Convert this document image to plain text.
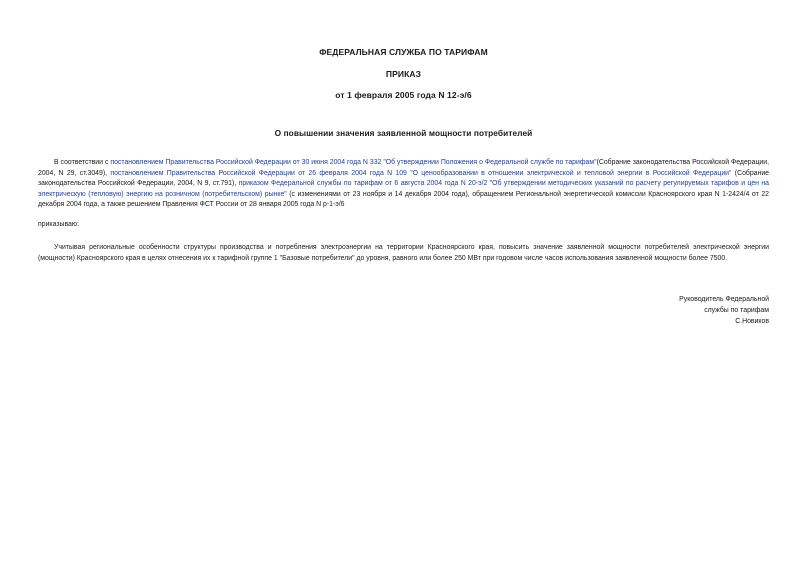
ФЕДЕРАЛЬНАЯ СЛУЖБА ПО ТАРИФАМ
ПРИКАЗ
от 1 февраля 2005 года N 12-э/6
О повышении значения заявленной мощности потребителей
В соответствии с постановлением Правительства Российской Федерации от 30 июня 2004 года N 332 "Об утверждении Положения о Федеральной службе по тарифам"(Собрание законодательства Российской Федерации, 2004, N 29, ст.3049), постановлением Правительства Российской Федерации от 26 февраля 2004 года N 109 "О ценообразовании в отношении электрической и тепловой энергии в Российской Федерации" (Собрание законодательства Российской Федерации, 2004, N 9, ст.791), приказом Федеральной службы по тарифам от 6 августа 2004 года N 20-э/2 "Об утверждении методических указаний по расчету регулируемых тарифов и цен на электрическую (тепловую) энергию на розничном (потребительском) рынке" (с изменениями от 23 ноября и 14 декабря 2004 года), обращением Региональной энергетической комиссии Красноярского края N 1-2424/4 от 22 декабря 2004 года, а также решением Правления ФСТ России от 28 января 2005 года N р-1-э/6
приказываю:
Учитывая региональные особенности структуры производства и потребления электроэнергии на территории Красноярского края, повысить значение заявленной мощности потребителей электрической энергии (мощности) Красноярского края в целях отнесения их к тарифной группе 1 "Базовые потребители" до уровня, равного или более 250 МВт при годовом числе часов использования заявленной мощности более 7500.
Руководитель Федеральной
службы по тарифам
С.Новиков
